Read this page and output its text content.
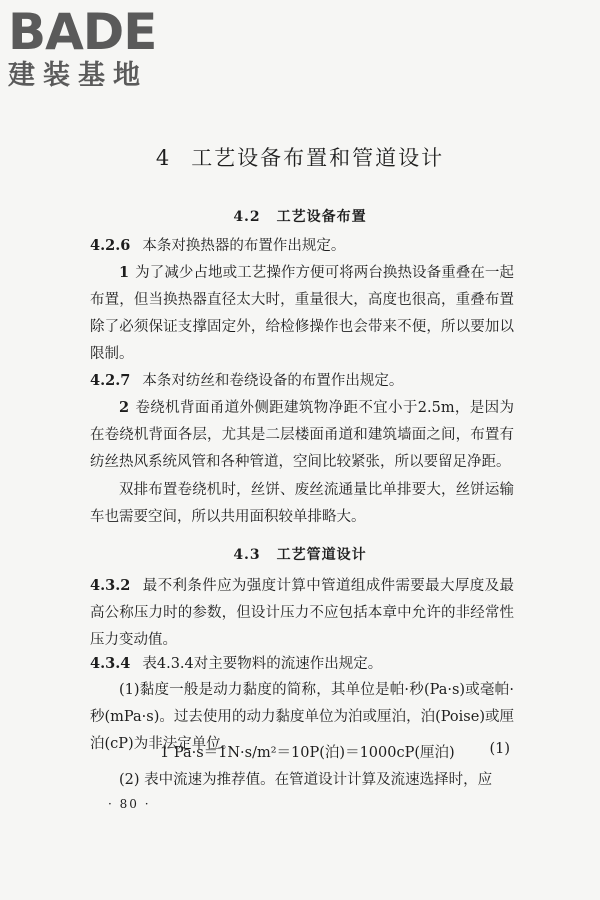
BADE
建装基地
4 工艺设备布置和管道设计
4.2 工艺设备布置
4.2.6 本条对换热器的布置作出规定。
1 为了减少占地或工艺操作方便可将两台换热设备重叠在一起布置，但当换热器直径太大时，重量很大，高度也很高，重叠布置除了必须保证支撑固定外，给检修操作也会带来不便，所以要加以限制。
4.2.7 本条对纺丝和卷绕设备的布置作出规定。
2 卷绕机背面甬道外侧距建筑物净距不宜小于2.5m，是因为在卷绕机背面各层，尤其是二层楼面甬道和建筑墙面之间，布置有纺丝热风系统风管和各种管道，空间比较紧张，所以要留足净距。
双排布置卷绕机时，丝饼、废丝流通量比单排要大，丝饼运输车也需要空间，所以共用面积较单排略大。
4.3 工艺管道设计
4.3.2 最不利条件应为强度计算中管道组成件需要最大厚度及最高公称压力时的参数，但设计压力不应包括本章中允许的非经常性压力变动值。
4.3.4 表4.3.4对主要物料的流速作出规定。
(1)黏度一般是动力黏度的简称，其单位是帕·秒(Pa·s)或毫帕·秒(mPa·s)。过去使用的动力黏度单位为泊或厘泊，泊(Poise)或厘泊(cP)为非法定单位。
1 Pa·s＝1N·s/m²＝10P(泊)＝1000cP(厘泊) (1)
(2) 表中流速为推荐值。在管道设计计算及流速选择时，应
· 80 ·
